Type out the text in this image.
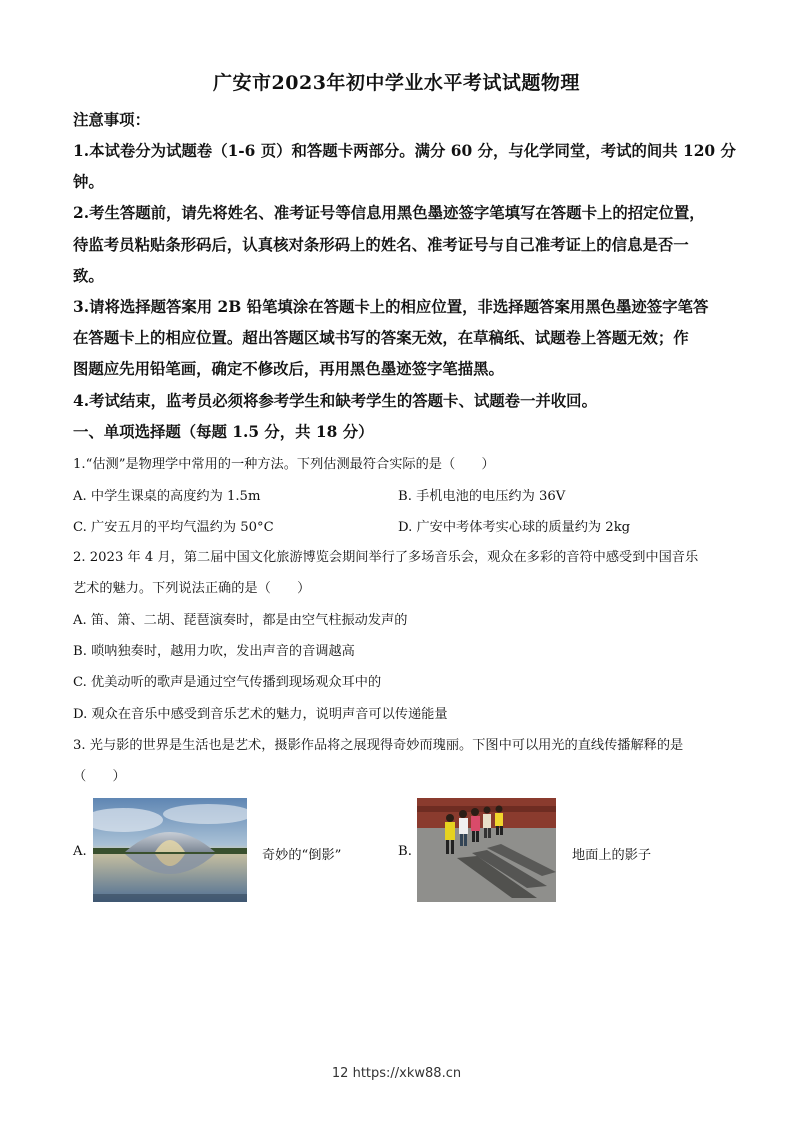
广安市2023年初中学业水平考试试题物理
注意事项：
1.本试卷分为试题卷（1-6 页）和答题卡两部分。满分 60 分，与化学同堂，考试的间共 120 分
钟。
2.考生答题前，请先将姓名、准考证号等信息用黑色墨迹签字笔填写在答题卡上的招定位置，
待监考员粘贴条形码后，认真核对条形码上的姓名、准考证号与自己准考证上的信息是否一
致。
3.请将选择题答案用 2B 铅笔填涂在答题卡上的相应位置，非选择题答案用黑色墨迹签字笔答
在答题卡上的相应位置。超出答题区域书写的答案无效，在草稿纸、试题卷上答题无效；作
图题应先用铅笔画，确定不修改后，再用黑色墨迹签字笔描黑。
4.考试结束，监考员必须将参考学生和缺考学生的答题卡、试题卷一并收回。
一、单项选择题（每题 1.5 分，共 18 分）
1.“估测”是物理学中常用的一种方法。下列估测最符合实际的是（　　）
A. 中学生课桌的高度约为 1.5m	B. 手机电池的电压约为 36V
C. 广安五月的平均气温约为 50°C	D. 广安中考体考实心球的质量约为 2kg
2. 2023 年 4 月，第二届中国文化旅游博览会期间举行了多场音乐会，观众在多彩的音符中感受到中国音乐
艺术的魅力。下列说法正确的是（　　）
A. 笛、箫、二胡、琵琶演奏时，都是由空气柱振动发声的
B. 唢呐独奏时，越用力吹，发出声音的音调越高
C. 优美动听的歌声是通过空气传播到现场观众耳中的
D. 观众在音乐中感受到音乐艺术的魅力，说明声音可以传递能量
3. 光与影的世界是生活也是艺术，摄影作品将之展现得奇妙而瑰丽。下图中可以用光的直线传播解释的是
（　　）
A.	奇妙的“倒影”	B.	地面上的影子
12 https://xkw88.cn
